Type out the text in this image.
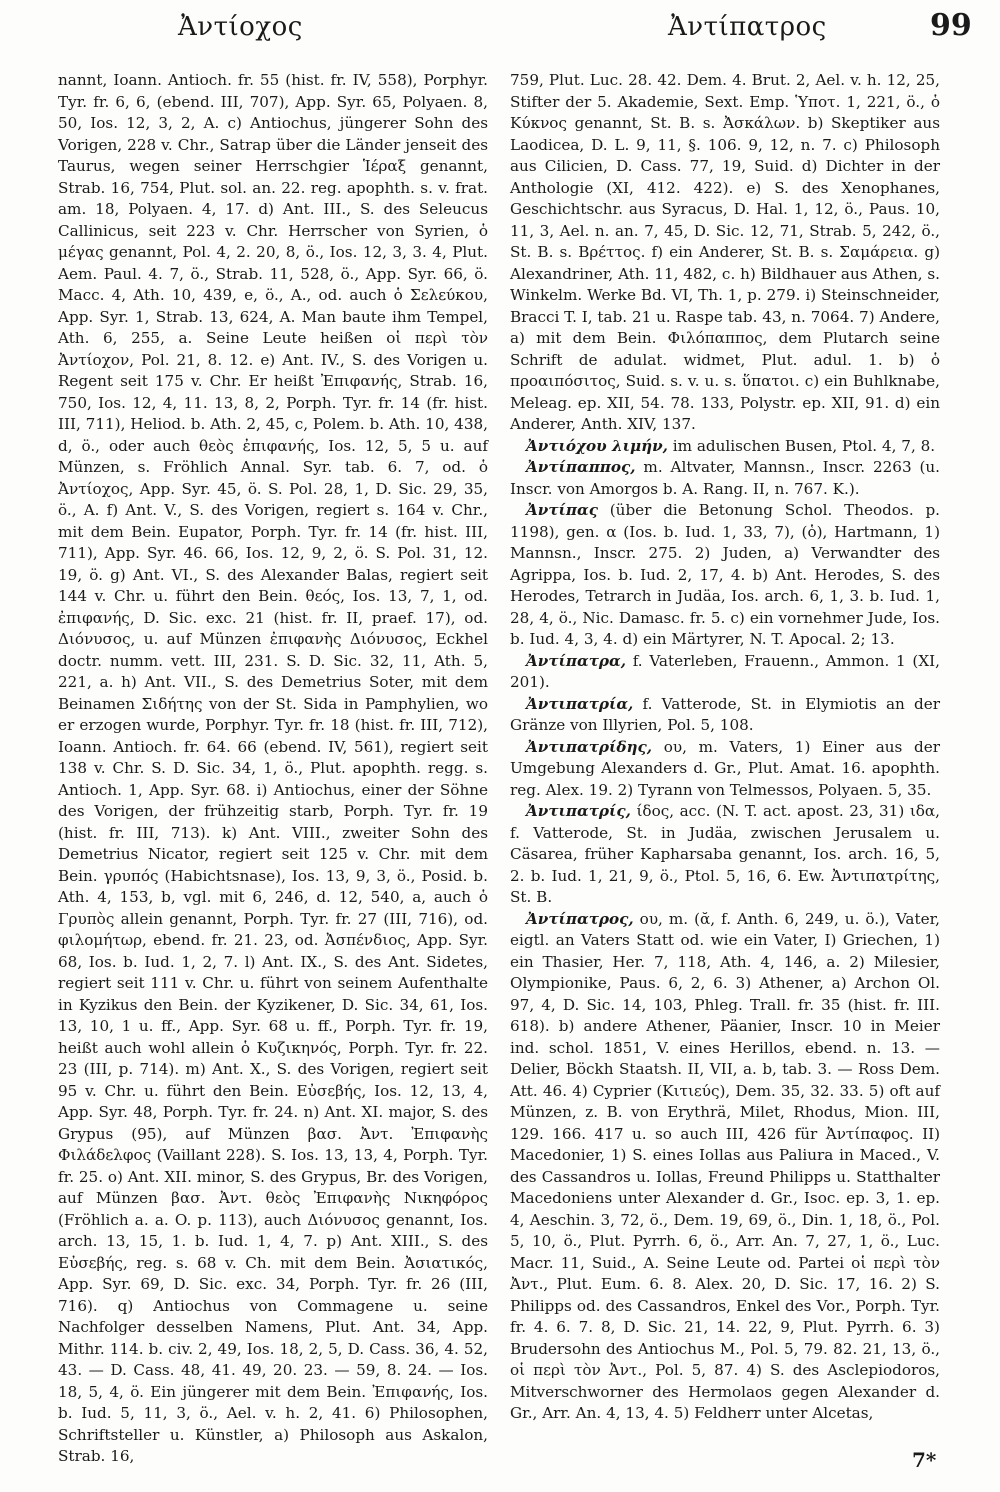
Ἀντίοχος	Ἀντίπατρος	99

nannt, Ioann. Antioch. fr. 55 (hist. fr. IV, 558), Porphyr. Tyr. fr. 6, 6, (ebend. III, 707), App. Syr. 65, Polyaen. 8, 50, Ios. 12, 3, 2, A. c) Antiochus, jüngerer Sohn des Vorigen, 228 v. Chr., Satrap über die Länder jenseit des Taurus, wegen seiner Herrschgier Ἱέραξ genannt, Strab. 16, 754, Plut. sol. an. 22. reg. apophth. s. v. frat. am. 18, Polyaen. 4, 17. d) Ant. III., S. des Seleucus Callinicus, seit 223 v. Chr. Herrscher von Syrien, ὁ μέγας genannt, Pol. 4, 2. 20, 8, ö., Ios. 12, 3, 3. 4, Plut. Aem. Paul. 4. 7, ö., Strab. 11, 528, ö., App. Syr. 66, ö. Macc. 4, Ath. 10, 439, e, ö., A., od. auch ὁ Σελεύκου, App. Syr. 1, Strab. 13, 624, A. Man baute ihm Tempel, Ath. 6, 255, a. Seine Leute heißen οἱ περὶ τὸν Ἀντίοχον, Pol. 21, 8. 12. e) Ant. IV., S. des Vorigen u. Regent seit 175 v. Chr. Er heißt Ἐπιφανής, Strab. 16, 750, Ios. 12, 4, 11. 13, 8, 2, Porph. Tyr. fr. 14 (fr. hist. III, 711), Heliod. b. Ath. 2, 45, c, Polem. b. Ath. 10, 438, d, ö., oder auch θεὸς ἐπιφανής, Ios. 12, 5, 5 u. auf Münzen, s. Fröhlich Annal. Syr. tab. 6. 7, od. ὁ Ἀντίοχος, App. Syr. 45, ö. S. Pol. 28, 1, D. Sic. 29, 35, ö., A. f) Ant. V., S. des Vorigen, regiert s. 164 v. Chr., mit dem Bein. Eupator, Porph. Tyr. fr. 14 (fr. hist. III, 711), App. Syr. 46. 66, Ios. 12, 9, 2, ö. S. Pol. 31, 12. 19, ö. g) Ant. VI., S. des Alexander Balas, regiert seit 144 v. Chr. u. führt den Bein. θεός, Ios. 13, 7, 1, od. ἐπιφανής, D. Sic. exc. 21 (hist. fr. II, praef. 17), od. Διόνυσος, u. auf Münzen ἐπιφανὴς Διόνυσος, Eckhel doctr. numm. vett. III, 231. S. D. Sic. 32, 11, Ath. 5, 221, a. h) Ant. VII., S. des Demetrius Soter, mit dem Beinamen Σιδήτης von der St. Sida in Pamphylien, wo er erzogen wurde, Porphyr. Tyr. fr. 18 (hist. fr. III, 712), Ioann. Antioch. fr. 64. 66 (ebend. IV, 561), regiert seit 138 v. Chr. S. D. Sic. 34, 1, ö., Plut. apophth. regg. s. Antioch. 1, App. Syr. 68. i) Antiochus, einer der Söhne des Vorigen, der frühzeitig starb, Porph. Tyr. fr. 19 (hist. fr. III, 713). k) Ant. VIII., zweiter Sohn des Demetrius Nicator, regiert seit 125 v. Chr. mit dem Bein. γρυπός (Habichtsnase), Ios. 13, 9, 3, ö., Posid. b. Ath. 4, 153, b, vgl. mit 6, 246, d. 12, 540, a, auch ὁ Γρυπὸς allein genannt, Porph. Tyr. fr. 27 (III, 716), od. φιλομήτωρ, ebend. fr. 21. 23, od. Ἀσπένδιος, App. Syr. 68, Ios. b. Iud. 1, 2, 7. l) Ant. IX., S. des Ant. Sidetes, regiert seit 111 v. Chr. u. führt von seinem Aufenthalte in Kyzikus den Bein. der Kyzikener, D. Sic. 34, 61, Ios. 13, 10, 1 u. ff., App. Syr. 68 u. ff., Porph. Tyr. fr. 19, heißt auch wohl allein ὁ Κυζικηνός, Porph. Tyr. fr. 22. 23 (III, p. 714). m) Ant. X., S. des Vorigen, regiert seit 95 v. Chr. u. führt den Bein. Εὐσεβής, Ios. 12, 13, 4, App. Syr. 48, Porph. Tyr. fr. 24. n) Ant. XI. major, S. des Grypus (95), auf Münzen βασ. Ἀντ. Ἐπιφανὴς Φιλάδελφος (Vaillant 228). S. Ios. 13, 13, 4, Porph. Tyr. fr. 25. o) Ant. XII. minor, S. des Grypus, Br. des Vorigen, auf Münzen βασ. Ἀντ. θεὸς Ἐπιφανὴς Νικηφόρος (Fröhlich a. a. O. p. 113), auch Διόνυσος genannt, Ios. arch. 13, 15, 1. b. Iud. 1, 4, 7. p) Ant. XIII., S. des Εὐσεβής, reg. s. 68 v. Ch. mit dem Bein. Ἀσιατικός, App. Syr. 69, D. Sic. exc. 34, Porph. Tyr. fr. 26 (III, 716). q) Antiochus von Commagene u. seine Nachfolger desselben Namens, Plut. Ant. 34, App. Mithr. 114. b. civ. 2, 49, Ios. 18, 2, 5, D. Cass. 36, 4. 52, 43. — D. Cass. 48, 41. 49, 20. 23. — 59, 8. 24. — Ios. 18, 5, 4, ö. Ein jüngerer mit dem Bein. Ἐπιφανής, Ios. b. Iud. 5, 11, 3, ö., Ael. v. h. 2, 41. 6) Philosophen, Schriftsteller u. Künstler, a) Philosoph aus Askalon, Strab. 16,

759, Plut. Luc. 28. 42. Dem. 4. Brut. 2, Ael. v. h. 12, 25, Stifter der 5. Akademie, Sext. Emp. Ὑποτ. 1, 221, ö., ὁ Κύκνος genannt, St. B. s. Ἀσκάλων. b) Skeptiker aus Laodicea, D. L. 9, 11, §. 106. 9, 12, n. 7. c) Philosoph aus Cilicien, D. Cass. 77, 19, Suid. d) Dichter in der Anthologie (XI, 412. 422). e) S. des Xenophanes, Geschichtschr. aus Syracus, D. Hal. 1, 12, ö., Paus. 10, 11, 3, Ael. n. an. 7, 45, D. Sic. 12, 71, Strab. 5, 242, ö., St. B. s. Βρέττος. f) ein Anderer, St. B. s. Σαμάρεια. g) Alexandriner, Ath. 11, 482, c. h) Bildhauer aus Athen, s. Winkelm. Werke Bd. VI, Th. 1, p. 279. i) Steinschneider, Bracci T. I, tab. 21 u. Raspe tab. 43, n. 7064. 7) Andere, a) mit dem Bein. Φιλόπαππος, dem Plutarch seine Schrift de adulat. widmet, Plut. adul. 1. b) ὁ προαιπόσιτος, Suid. s. v. u. s. ὕπατοι. c) ein Buhlknabe, Meleag. ep. XII, 54. 78. 133, Polystr. ep. XII, 91. d) ein Anderer, Anth. XIV, 137.

Ἀντιόχου λιμήν, im adulischen Busen, Ptol. 4, 7, 8.

Ἀντίπαππος, m. Altvater, Mannsn., Inscr. 2263 (u. Inscr. von Amorgos b. A. Rang. II, n. 767. K.).

Ἀντίπας (über die Betonung Schol. Theodos. p. 1198), gen. α (Ios. b. Iud. 1, 33, 7), (ὁ), Hartmann, 1) Mannsn., Inscr. 275. 2) Juden, a) Verwandter des Agrippa, Ios. b. Iud. 2, 17, 4. b) Ant. Herodes, S. des Herodes, Tetrarch in Judäa, Ios. arch. 6, 1, 3. b. Iud. 1, 28, 4, ö., Nic. Damasc. fr. 5. c) ein vornehmer Jude, Ios. b. Iud. 4, 3, 4. d) ein Märtyrer, N. T. Apocal. 2; 13.

Ἀντίπατρα, f. Vaterleben, Frauenn., Ammon. 1 (XI, 201).

Ἀντιπατρία, f. Vatterode, St. in Elymiotis an der Gränze von Illyrien, Pol. 5, 108.

Ἀντιπατρίδης, ου, m. Vaters, 1) Einer aus der Umgebung Alexanders d. Gr., Plut. Amat. 16. apophth. reg. Alex. 19. 2) Tyrann von Telmessos, Polyaen. 5, 35.

Ἀντιπατρίς, ίδος, acc. (N. T. act. apost. 23, 31) ιδα, f. Vatterode, St. in Judäa, zwischen Jerusalem u. Cäsarea, früher Kapharsaba genannt, Ios. arch. 16, 5, 2. b. Iud. 1, 21, 9, ö., Ptol. 5, 16, 6. Ew. Ἀντιπατρίτης, St. B.

Ἀντίπατρος, ου, m. (ᾰ, f. Anth. 6, 249, u. ö.), Vater, eigtl. an Vaters Statt od. wie ein Vater, I) Griechen, 1) ein Thasier, Her. 7, 118, Ath. 4, 146, a. 2) Milesier, Olympionike, Paus. 6, 2, 6. 3) Athener, a) Archon Ol. 97, 4, D. Sic. 14, 103, Phleg. Trall. fr. 35 (hist. fr. III. 618). b) andere Athener, Päanier, Inscr. 10 in Meier ind. schol. 1851, V. eines Herillos, ebend. n. 13. — Delier, Böckh Staatsh. II, VII, a. b, tab. 3. — Ross Dem. Att. 46. 4) Cyprier (Κιτιεύς), Dem. 35, 32. 33. 5) oft auf Münzen, z. B. von Erythrä, Milet, Rhodus, Mion. III, 129. 166. 417 u. so auch III, 426 für Ἀντίπαφος. II) Macedonier, 1) S. eines Iollas aus Paliura in Maced., V. des Cassandros u. Iollas, Freund Philipps u. Statthalter Macedoniens unter Alexander d. Gr., Isoc. ep. 3, 1. ep. 4, Aeschin. 3, 72, ö., Dem. 19, 69, ö., Din. 1, 18, ö., Pol. 5, 10, ö., Plut. Pyrrh. 6, ö., Arr. An. 7, 27, 1, ö., Luc. Macr. 11, Suid., A. Seine Leute od. Partei οἱ περὶ τὸν Ἀντ., Plut. Eum. 6. 8. Alex. 20, D. Sic. 17, 16. 2) S. Philipps od. des Cassandros, Enkel des Vor., Porph. Tyr. fr. 4. 6. 7. 8, D. Sic. 21, 14. 22, 9, Plut. Pyrrh. 6. 3) Brudersohn des Antiochus M., Pol. 5, 79. 82. 21, 13, ö., οἱ περὶ τὸν Ἀντ., Pol. 5, 87. 4) S. des Asclepiodoros, Mitverschworner des Hermolaos gegen Alexander d. Gr., Arr. An. 4, 13, 4. 5) Feldherr unter Alcetas,

7*
